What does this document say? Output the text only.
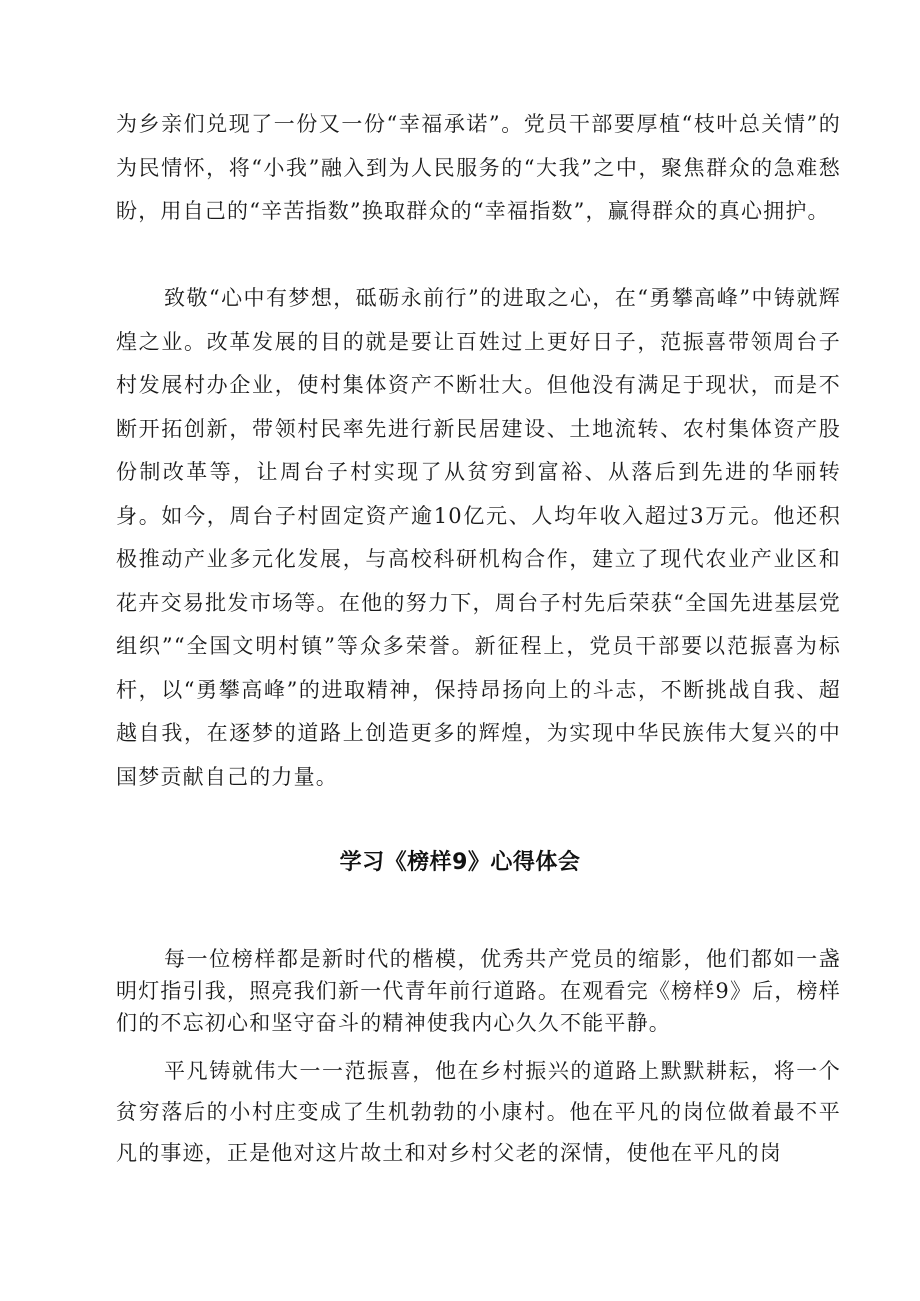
为乡亲们兑现了一份又一份“幸福承诺”。党员干部要厚植“枝叶总关情”的为民情怀，将“小我”融入到为人民服务的“大我”之中，聚焦群众的急难愁盼，用自己的“辛苦指数”换取群众的“幸福指数”，赢得群众的真心拥护。

致敬“心中有梦想，砥砺永前行”的进取之心，在“勇攀高峰”中铸就辉煌之业。改革发展的目的就是要让百姓过上更好日子，范振喜带领周台子村发展村办企业，使村集体资产不断壮大。但他没有满足于现状，而是不断开拓创新，带领村民率先进行新民居建设、土地流转、农村集体资产股份制改革等，让周台子村实现了从贫穷到富裕、从落后到先进的华丽转身。如今，周台子村固定资产逾10亿元、人均年收入超过3万元。他还积极推动产业多元化发展，与高校科研机构合作，建立了现代农业产业区和花卉交易批发市场等。在他的努力下，周台子村先后荣获“全国先进基层党组织”“全国文明村镇”等众多荣誉。新征程上，党员干部要以范振喜为标杆，以“勇攀高峰”的进取精神，保持昂扬向上的斗志，不断挑战自我、超越自我，在逐梦的道路上创造更多的辉煌，为实现中华民族伟大复兴的中国梦贡献自己的力量。

学习《榜样9》心得体会

每一位榜样都是新时代的楷模，优秀共产党员的缩影，他们都如一盏明灯指引我，照亮我们新一代青年前行道路。在观看完《榜样9》后，榜样们的不忘初心和坚守奋斗的精神使我内心久久不能平静。

平凡铸就伟大一一范振喜，他在乡村振兴的道路上默默耕耘，将一个贫穷落后的小村庄变成了生机勃勃的小康村。他在平凡的岗位做着最不平凡的事迹，正是他对这片故土和对乡村父老的深情，使他在平凡的岗
